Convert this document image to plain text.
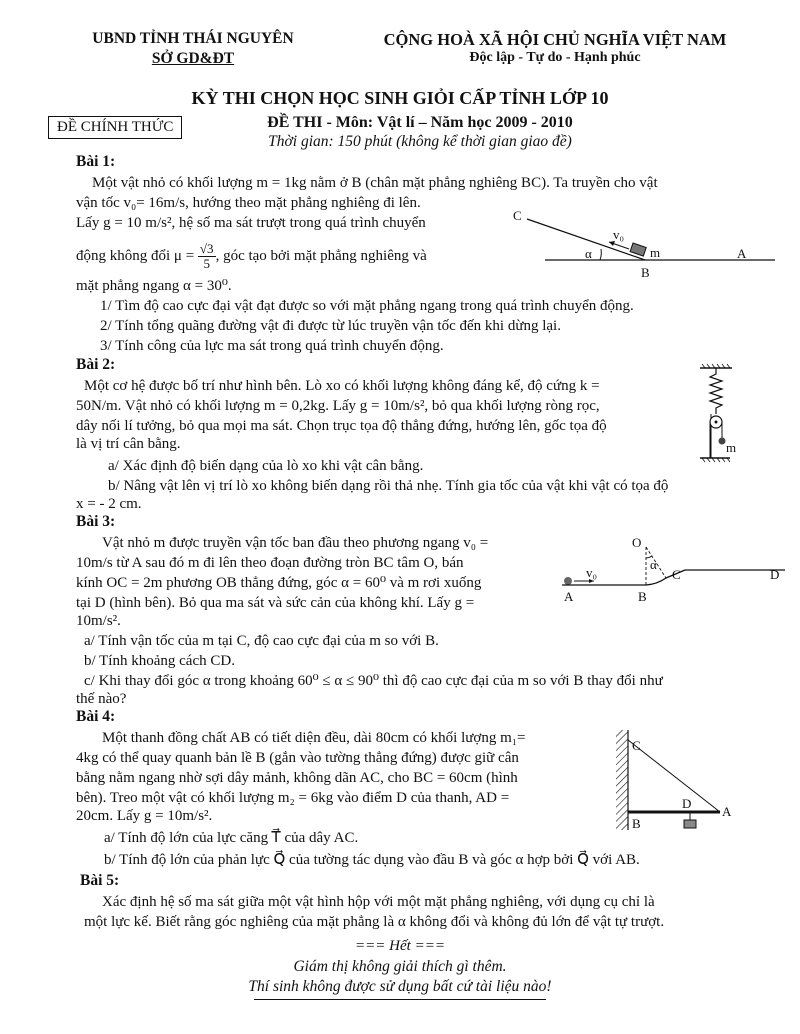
UBND TỈNH THÁI NGUYÊN
SỞ GD&ĐT
CỘNG HOÀ XÃ HỘI CHỦ NGHĨA VIỆT NAM
Độc lập - Tự do - Hạnh phúc
KỲ THI CHỌN HỌC SINH GIỎI CẤP TỈNH LỚP 10
ĐỀ CHÍNH THỨC	ĐỀ THI - Môn: Vật lí – Năm học 2009 - 2010
Thời gian: 150 phút (không kể thời gian giao đề)
Bài 1:
Một vật nhỏ có khối lượng m = 1kg nằm ở B (chân mặt phẳng nghiêng BC). Ta truyền cho vật
vận tốc v₀= 16m/s, hướng theo mặt phẳng nghiêng đi lên.
Lấy g = 10 m/s², hệ số ma sát trượt trong quá trình chuyển
động không đổi $\mu = \frac{√3}{5}$ , góc tạo bởi mặt phẳng nghiêng và
mặt phẳng ngang α = 30⁰.
1/ Tìm độ cao cực đại vật đạt được so với mặt phẳng ngang trong quá trình chuyển động.
2/ Tính tổng quãng đường vật đi được từ lúc truyền vận tốc đến khi dừng lại.
3/ Tính công của lực ma sát trong quá trình chuyển động.
C
v₀
m
α
B
A
Bài 2:
Một cơ hệ được bố trí như hình bên. Lò xo có khối lượng không đáng kể, độ cứng k =
50N/m. Vật nhỏ có khối lượng m = 0,2kg. Lấy g = 10m/s², bỏ qua khối lượng ròng rọc,
dây nối lí tưởng, bỏ qua mọi ma sát. Chọn trục tọa độ thẳng đứng, hướng lên, gốc tọa độ
là vị trí cân bằng.
a/ Xác định độ biến dạng của lò xo khi vật cân bằng.
b/ Nâng vật lên vị trí lò xo không biến dạng rồi thả nhẹ. Tính gia tốc của vật khi vật có tọa độ
x = - 2 cm.
m
Bài 3:
Vật nhỏ m được truyền vận tốc ban đầu theo phương ngang v₀ =
10m/s từ A sau đó m đi lên theo đoạn đường tròn BC tâm O, bán
kính OC = 2m phương OB thẳng đứng, góc α = 60⁰ và m rơi xuống
tại D (hình bên). Bỏ qua ma sát và sức cản của không khí. Lấy g =
10m/s².
a/ Tính vận tốc của m tại C, độ cao cực đại của m so với B.
b/ Tính khoảng cách CD.
c/ Khi thay đổi góc α trong khoảng 60⁰ ≤ α ≤ 90⁰ thì độ cao cực đại của m so với B thay đổi như
thế nào?
O
α
C	D
v₀
A	B
Bài 4:
Một thanh đồng chất AB có tiết diện đều, dài 80cm có khối lượng m₁=
4kg có thể quay quanh bản lề B (gắn vào tường thẳng đứng) được giữ cân
bằng nằm ngang nhờ sợi dây mảnh, không dãn AC, cho BC = 60cm (hình
bên). Treo một vật có khối lượng m₂ = 6kg vào điểm D của thanh, AD =
20cm. Lấy g = 10m/s².
a/ Tính độ lớn của lực căng T⃗ của dây AC.
b/ Tính độ lớn của phản lực Q⃗ của tường tác dụng vào đầu B và góc α hợp bởi Q⃗ với AB.
C
D
A
B
Bài 5:
Xác định hệ số ma sát giữa một vật hình hộp với một mặt phẳng nghiêng, với dụng cụ chỉ là
một lực kế. Biết rằng góc nghiêng của mặt phẳng là α không đổi và không đủ lớn để vật tự trượt.
=== Hết ===
Giám thị không giải thích gì thêm.
Thí sinh không được sử dụng bất cứ tài liệu nào!
